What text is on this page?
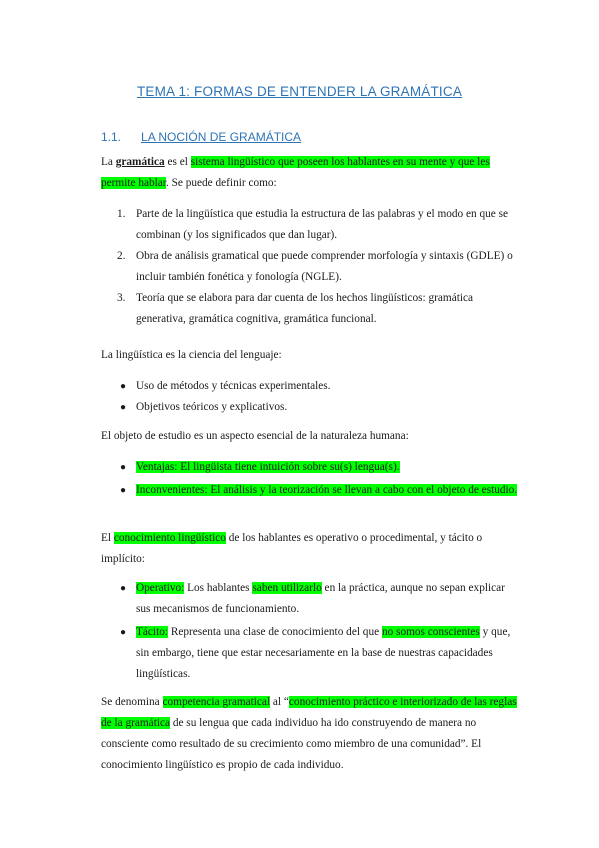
TEMA 1: FORMAS DE ENTENDER LA GRAMÁTICA
1.1. LA NOCIÓN DE GRAMÁTICA
La gramática es el sistema lingüístico que poseen los hablantes en su mente y que les permite hablar. Se puede definir como:
1. Parte de la lingüística que estudia la estructura de las palabras y el modo en que se combinan (y los significados que dan lugar).
2. Obra de análisis gramatical que puede comprender morfología y sintaxis (GDLE) o incluir también fonética y fonología (NGLE).
3. Teoría que se elabora para dar cuenta de los hechos lingüísticos: gramática generativa, gramática cognitiva, gramática funcional.
La lingüística es la ciencia del lenguaje:
● Uso de métodos y técnicas experimentales.
● Objetivos teóricos y explicativos.
El objeto de estudio es un aspecto esencial de la naturaleza humana:
● Ventajas: El lingüista tiene intuición sobre su(s) lengua(s).
● Inconvenientes: El análisis y la teorización se llevan a cabo con el objeto de estudio.
El conocimiento lingüístico de los hablantes es operativo o procedimental, y tácito o implícito:
● Operativo: Los hablantes saben utilizarlo en la práctica, aunque no sepan explicar sus mecanismos de funcionamiento.
● Tácito: Representa una clase de conocimiento del que no somos conscientes y que, sin embargo, tiene que estar necesariamente en la base de nuestras capacidades lingüísticas.
Se denomina competencia gramatical al “conocimiento práctico e interiorizado de las reglas de la gramática de su lengua que cada individuo ha ido construyendo de manera no consciente como resultado de su crecimiento como miembro de una comunidad”. El conocimiento lingüístico es propio de cada individuo.
